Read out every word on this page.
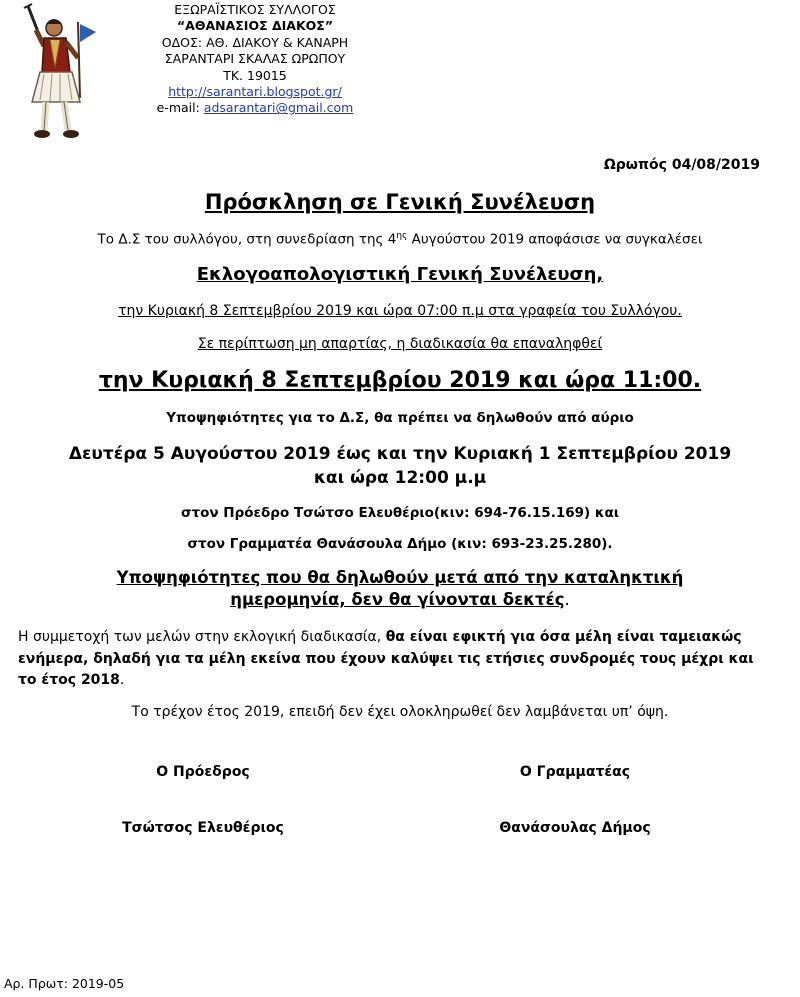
ΕΞΩΡΑΪΣΤΙΚΟΣ ΣΥΛΛΟΓΟΣ
“ΑΘΑΝΑΣΙΟΣ ΔΙΑΚΟΣ”
ΟΔΟΣ: ΑΘ. ΔΙΑΚΟΥ & ΚΑΝΑΡΗ
ΣΑΡΑΝΤΑΡΙ ΣΚΑΛΑΣ ΩΡΩΠΟΥ
ΤΚ. 19015
http://sarantari.blogspot.gr/
e-mail: adsarantari@gmail.com
Ωρωπός 04/08/2019
Πρόσκληση σε Γενική Συνέλευση
Το Δ.Σ του συλλόγου, στη συνεδρίαση της $4^{\eta\varsigma}$ Αυγούστου 2019 αποφάσισε να συγκαλέσει
Εκλογοαπολογιστική Γενική Συνέλευση,
την Κυριακή 8 Σεπτεμβρίου 2019 και ώρα 07:00 π.μ στα γραφεία του Συλλόγου.
Σε περίπτωση μη απαρτίας, η διαδικασία θα επαναληφθεί
την Κυριακή 8 Σεπτεμβρίου 2019 και ώρα 11:00.
Υποψηφιότητες για το Δ.Σ, θα πρέπει να δηλωθούν από αύριο
Δευτέρα 5 Αυγούστου 2019 έως και την Κυριακή 1 Σεπτεμβρίου 2019
και ώρα 12:00 μ.μ
στον Πρόεδρο Τσώτσο Ελευθέριο(κιν: 694-76.15.169) και
στον Γραμματέα Θανάσουλα Δήμο (κιν: 693-23.25.280).
Υποψηφιότητες που θα δηλωθούν μετά από την καταληκτική
ημερομηνία, δεν θα γίνονται δεκτές.
Η συμμετοχή των μελών στην εκλογική διαδικασία, θα είναι εφικτή για όσα μέλη είναι ταμειακώς ενήμερα, δηλαδή για τα μέλη εκείνα που έχουν καλύψει τις ετήσιες συνδρομές τους μέχρι και το έτος 2018.
Το τρέχον έτος 2019, επειδή δεν έχει ολοκληρωθεί δεν λαμβάνεται υπ’ όψη.
Ο Πρόεδρος	Ο Γραμματέας
Τσώτσος Ελευθέριος	Θανάσουλας Δήμος
Αρ. Πρωτ: 2019-05
